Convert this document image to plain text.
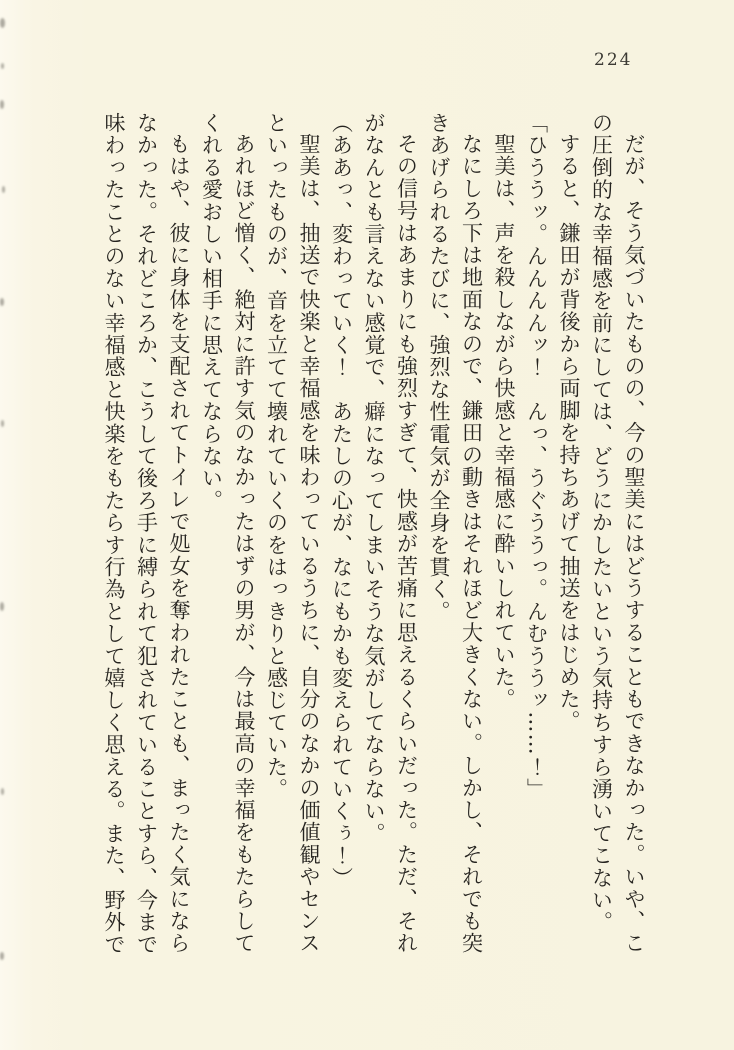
224

だが、そう気づいたものの、今の聖美にはどうすることもできなかった。いや、この圧倒的な幸福感を前にしては、どうにかしたいという気持ちすら湧いてこない。

すると、鎌田が背後から両脚を持ちあげて抽送をはじめた。

「ひううッ。んんんんッ！　んっ、うぐううっ。んむううッ……！」

聖美は、声を殺しながら快感と幸福感に酔いしれていた。

なにしろ下は地面なので、鎌田の動きはそれほど大きくない。しかし、それでも突きあげられるたびに、強烈な性電気が全身を貫く。

その信号はあまりにも強烈すぎて、快感が苦痛に思えるくらいだった。ただ、それがなんとも言えない感覚で、癖になってしまいそうな気がしてならない。

（ああっ、変わっていく！　あたしの心が、なにもかも変えられていくぅ！）

聖美は、抽送で快楽と幸福感を味わっているうちに、自分のなかの価値観やセンスといったものが、音を立てて壊れていくのをはっきりと感じていた。

あれほど憎く、絶対に許す気のなかったはずの男が、今は最高の幸福をもたらしてくれる愛おしい相手に思えてならない。

もはや、彼に身体を支配されてトイレで処女を奪われたことも、まったく気にならなかった。それどころか、こうして後ろ手に縛られて犯されていることすら、今まで味わったことのない幸福感と快楽をもたらす行為として嬉しく思える。また、野外で
